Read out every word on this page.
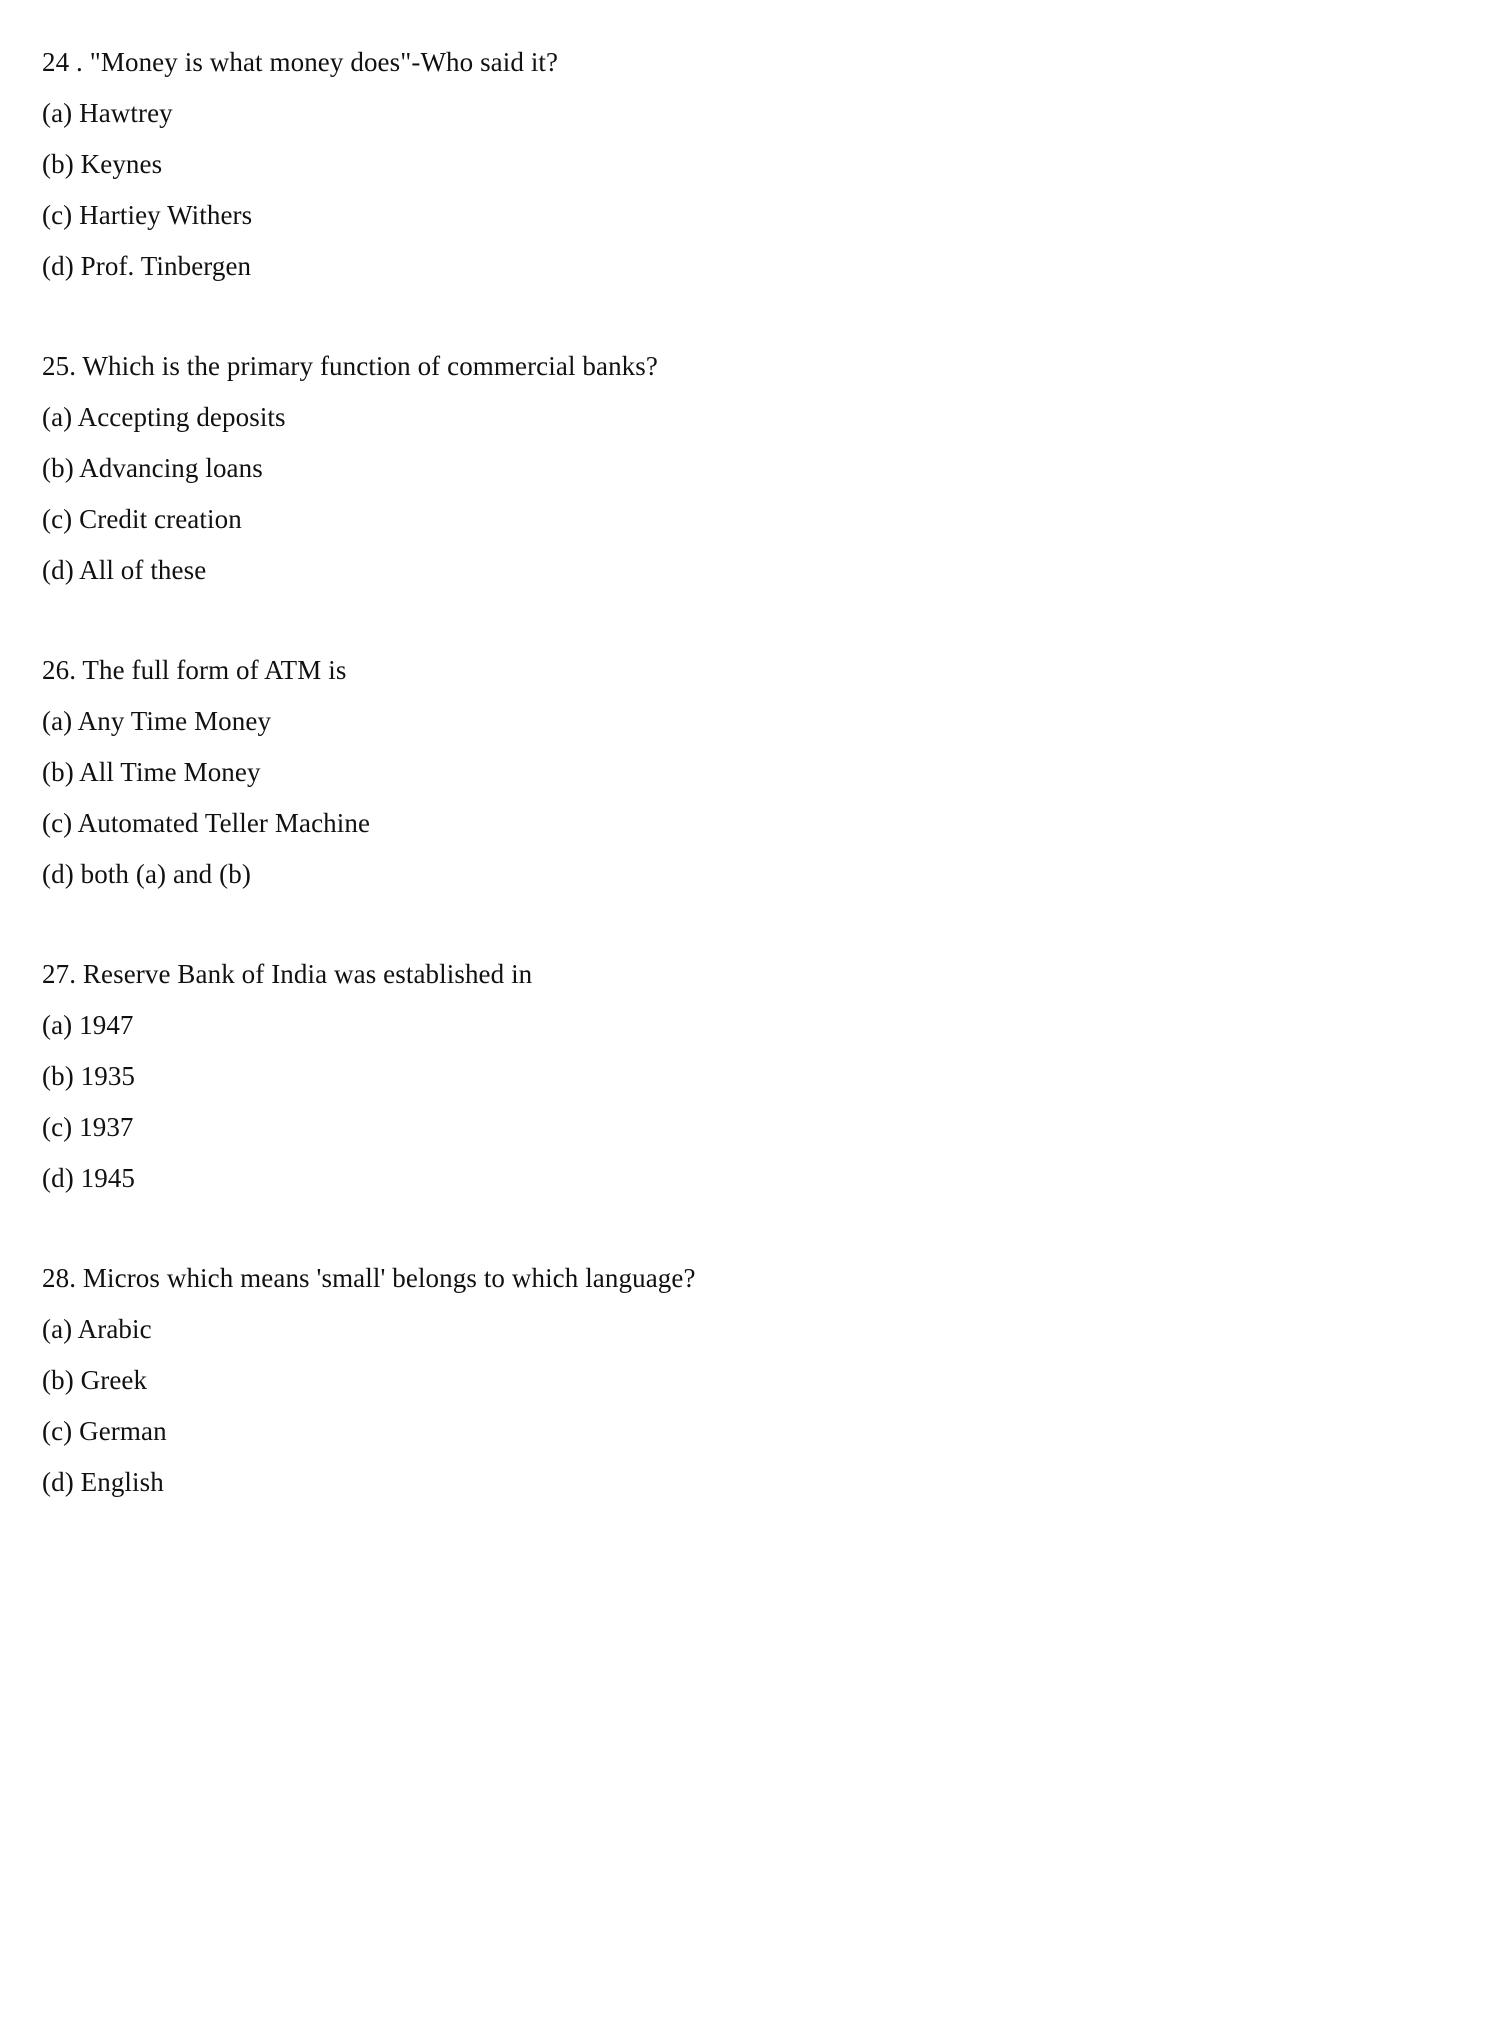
24 . "Money is what money does"-Who said it?

(a) Hawtrey
(b) Keynes
(c) Hartiey Withers
(d) Prof. Tinbergen

25. Which is the primary function of commercial banks?

(a) Accepting deposits
(b) Advancing loans
(c) Credit creation
(d) All of these

26. The full form of ATM is

(a) Any Time Money
(b) All Time Money
(c) Automated Teller Machine
(d) both (a) and (b)

27. Reserve Bank of India was established in

(a) 1947
(b) 1935
(c) 1937
(d) 1945

28. Micros which means 'small' belongs to which language?

(a) Arabic
(b) Greek
(c) German
(d) English
